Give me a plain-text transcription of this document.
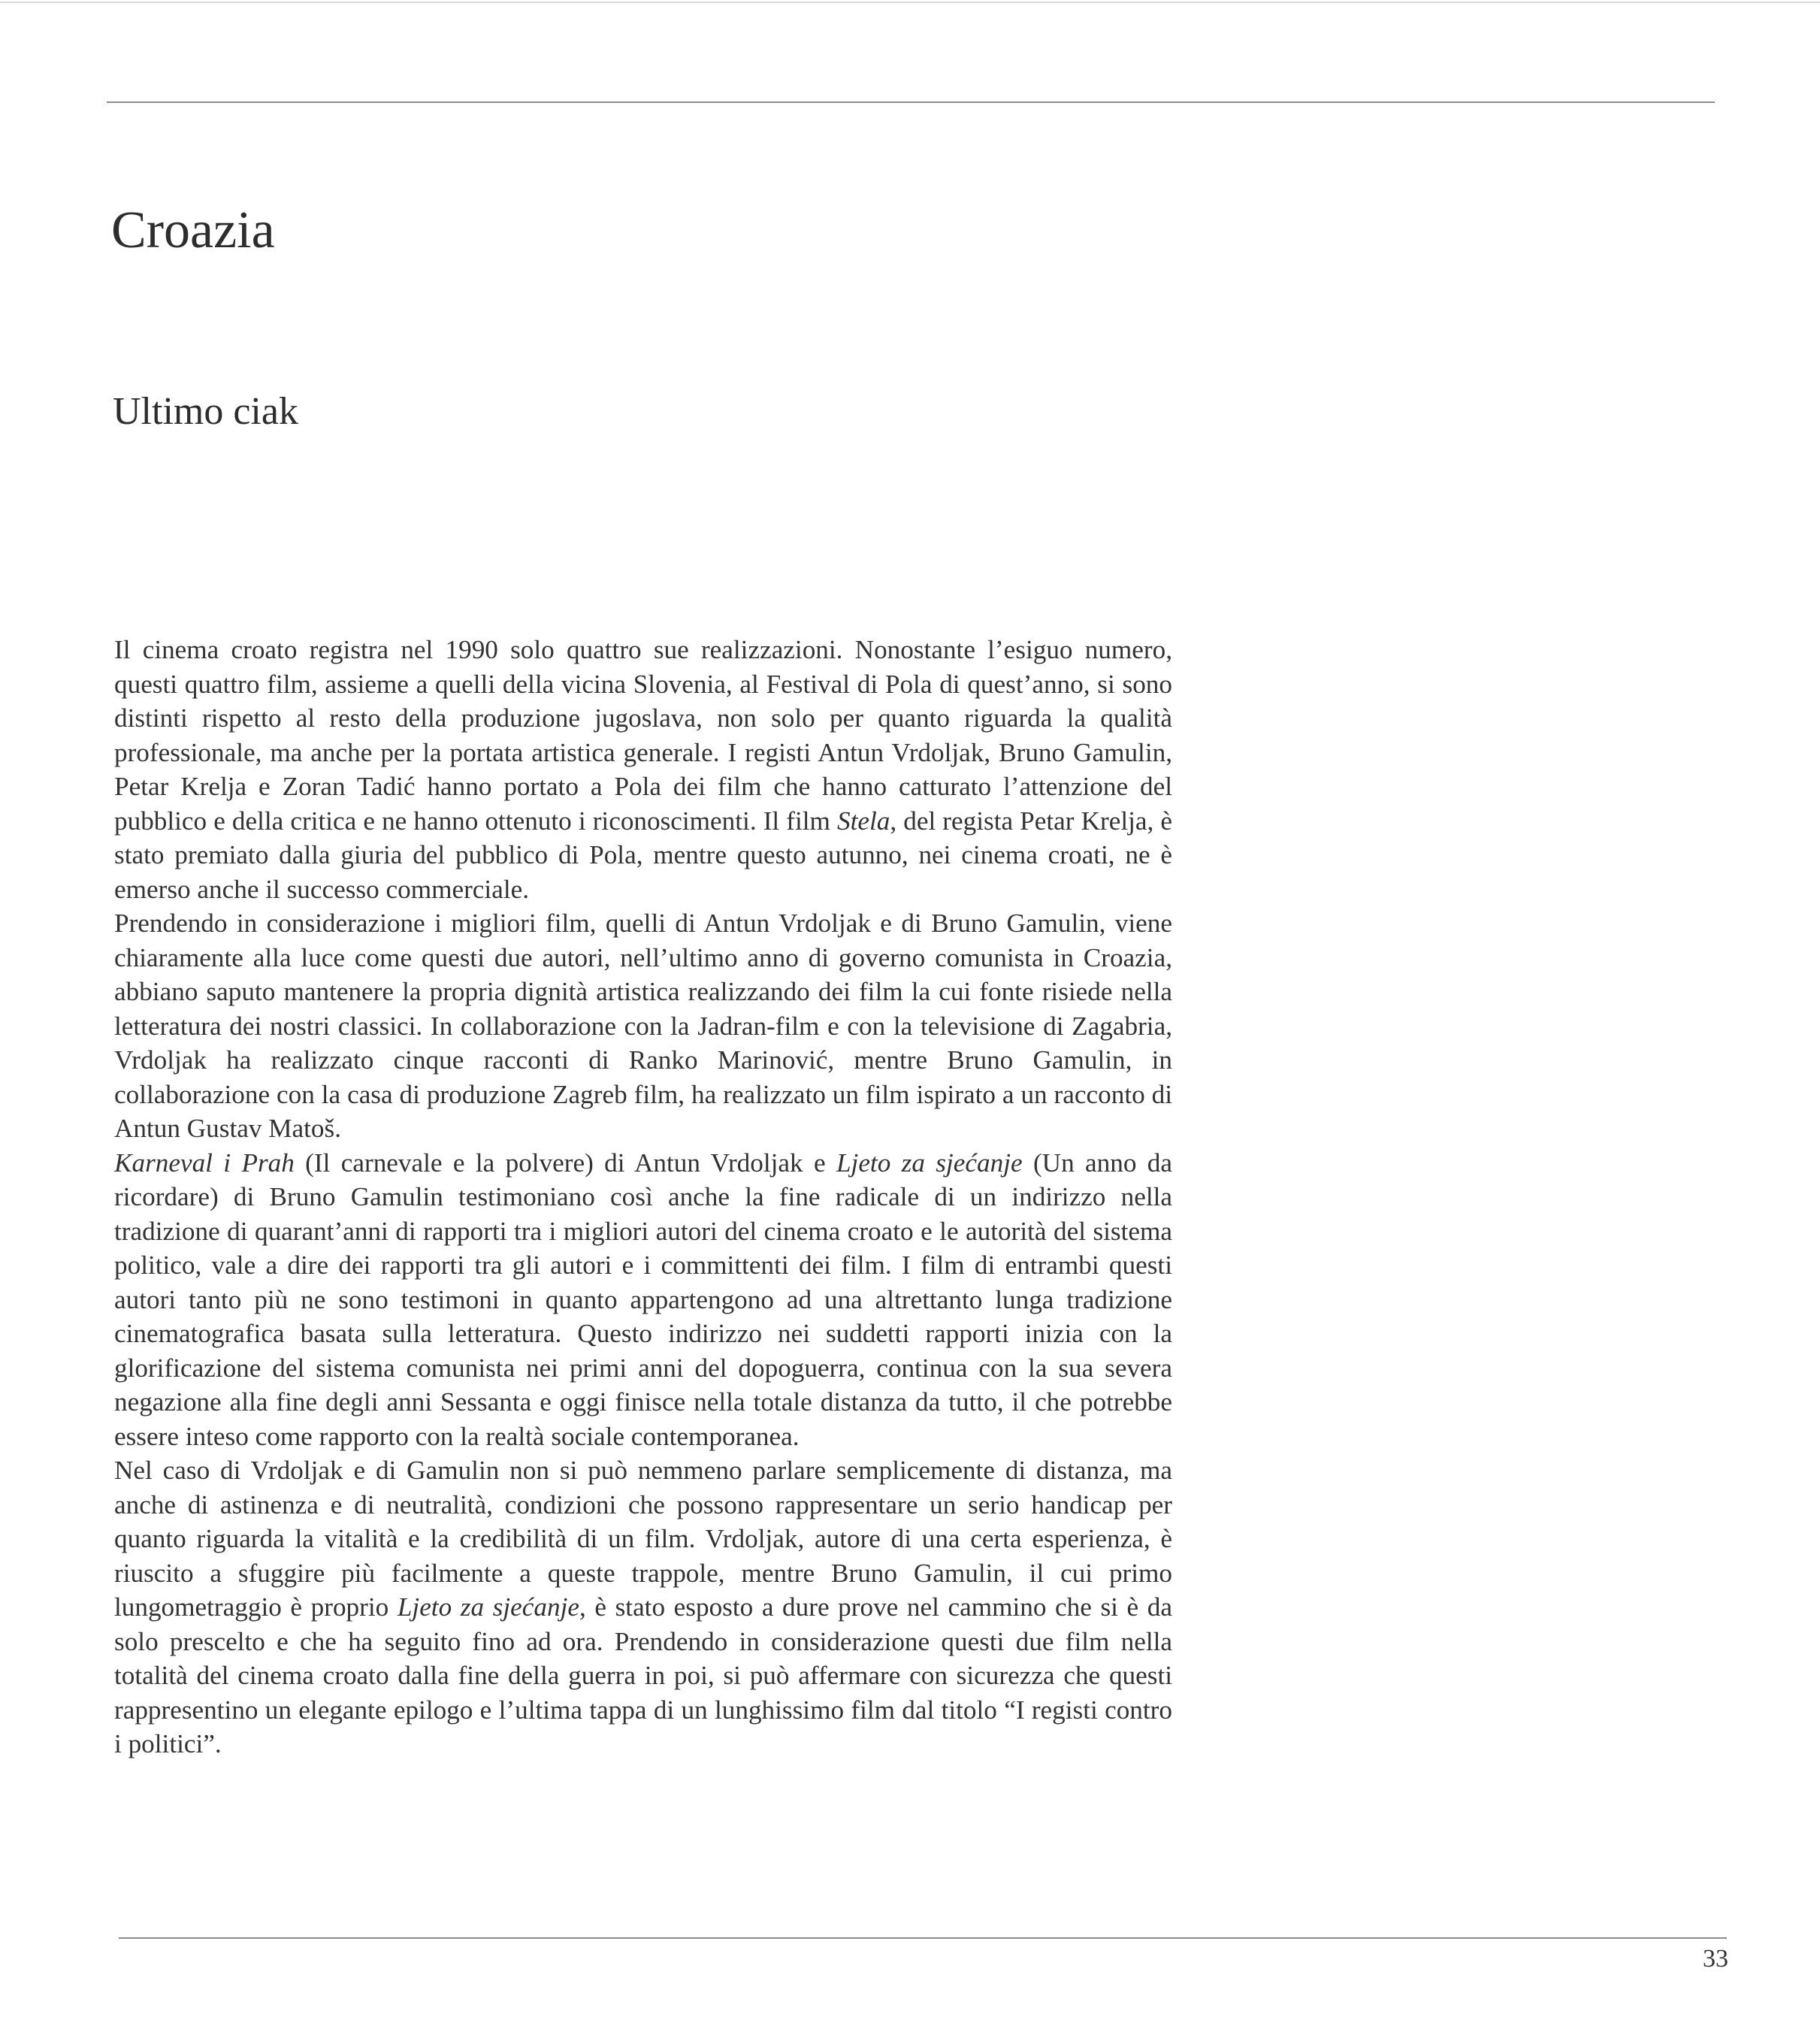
Croazia
Ultimo ciak

Il cinema croato registra nel 1990 solo quattro sue realizzazioni. Nonostante l’esiguo numero, questi quattro film, assieme a quelli della vicina Slovenia, al Festival di Pola di quest’anno, si sono distinti rispetto al resto della produzione jugoslava, non solo per quanto riguarda la qualità professionale, ma anche per la portata artistica generale. I registi Antun Vrdoljak, Bruno Gamulin, Petar Krelja e Zoran Tadić hanno portato a Pola dei film che hanno catturato l’attenzione del pubblico e della critica e ne hanno ottenuto i riconoscimenti. Il film Stela, del regista Petar Krelja, è stato premiato dalla giuria del pubblico di Pola, mentre questo autunno, nei cinema croati, ne è emerso anche il successo commerciale.

Prendendo in considerazione i migliori film, quelli di Antun Vrdoljak e di Bruno Gamulin, viene chiaramente alla luce come questi due autori, nell’ultimo anno di governo comunista in Croazia, abbiano saputo mantenere la propria dignità artistica realizzando dei film la cui fonte risiede nella letteratura dei nostri classici. In collaborazione con la Jadran-film e con la televisione di Zagabria, Vrdoljak ha realizzato cinque racconti di Ranko Marinović, mentre Bruno Gamulin, in collaborazione con la casa di produzione Zagreb film, ha realizzato un film ispirato a un racconto di Antun Gustav Matoš.

Karneval i Prah (Il carnevale e la polvere) di Antun Vrdoljak e Ljeto za sjećanje (Un anno da ricordare) di Bruno Gamulin testimoniano così anche la fine radicale di un indirizzo nella tradizione di quarant’anni di rapporti tra i migliori autori del cinema croato e le autorità del sistema politico, vale a dire dei rapporti tra gli autori e i committenti dei film. I film di entrambi questi autori tanto più ne sono testimoni in quanto appartengono ad una altrettanto lunga tradizione cinematografica basata sulla letteratura. Questo indirizzo nei suddetti rapporti inizia con la glorificazione del sistema comunista nei primi anni del dopoguerra, continua con la sua severa negazione alla fine degli anni Sessanta e oggi finisce nella totale distanza da tutto, il che potrebbe essere inteso come rapporto con la realtà sociale contemporanea.

Nel caso di Vrdoljak e di Gamulin non si può nemmeno parlare semplicemente di distanza, ma anche di astinenza e di neutralità, condizioni che possono rappresentare un serio handicap per quanto riguarda la vitalità e la credibilità di un film. Vrdoljak, autore di una certa esperienza, è riuscito a sfuggire più facilmente a queste trappole, mentre Bruno Gamulin, il cui primo lungometraggio è proprio Ljeto za sjećanje, è stato esposto a dure prove nel cammino che si è da solo prescelto e che ha seguito fino ad ora. Prendendo in considerazione questi due film nella totalità del cinema croato dalla fine della guerra in poi, si può affermare con sicurezza che questi rappresentino un elegante epilogo e l’ultima tappa di un lunghissimo film dal titolo “I registi contro i politici”.

33
